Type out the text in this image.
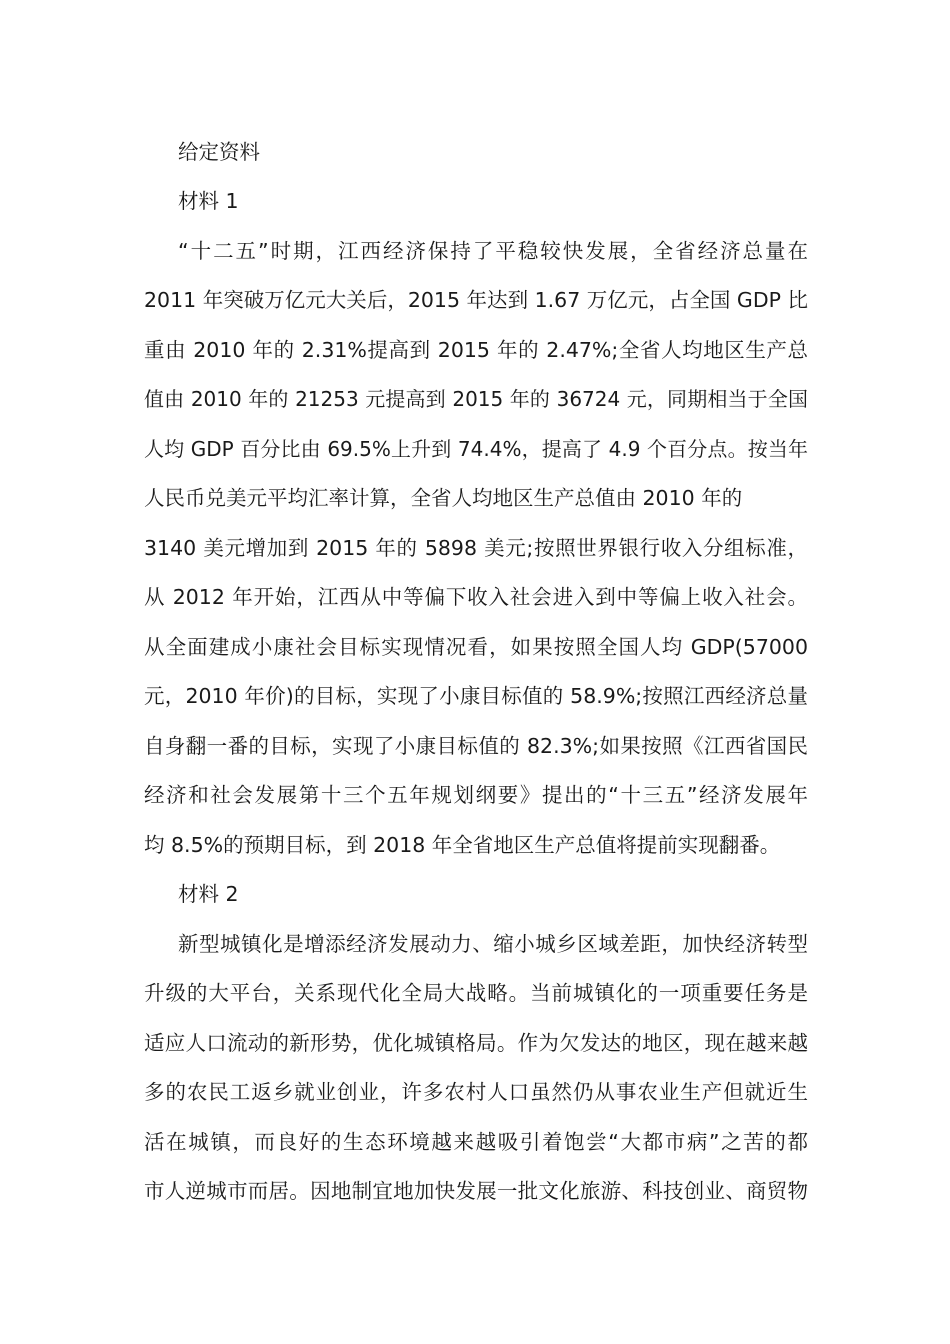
给定资料
材料 1
“十二五”时期，江西经济保持了平稳较快发展，全省经济总量在
2011 年突破万亿元大关后，2015 年达到 1.67 万亿元，占全国 GDP 比
重由 2010 年的 2.31%提高到 2015 年的 2.47%;全省人均地区生产总
值由 2010 年的 21253 元提高到 2015 年的 36724 元，同期相当于全国
人均 GDP 百分比由 69.5%上升到 74.4%，提高了 4.9 个百分点。按当年
人民币兑美元平均汇率计算，全省人均地区生产总值由 2010 年的
3140 美元增加到 2015 年的 5898 美元;按照世界银行收入分组标准，
从 2012 年开始，江西从中等偏下收入社会进入到中等偏上收入社会。
从全面建成小康社会目标实现情况看，如果按照全国人均 GDP(57000
元，2010 年价)的目标，实现了小康目标值的 58.9%;按照江西经济总量
自身翻一番的目标，实现了小康目标值的 82.3%;如果按照《江西省国民
经济和社会发展第十三个五年规划纲要》提出的“十三五”经济发展年
均 8.5%的预期目标，到 2018 年全省地区生产总值将提前实现翻番。
材料 2
新型城镇化是增添经济发展动力、缩小城乡区域差距，加快经济转型
升级的大平台，关系现代化全局大战略。当前城镇化的一项重要任务是
适应人口流动的新形势，优化城镇格局。作为欠发达的地区，现在越来越
多的农民工返乡就业创业，许多农村人口虽然仍从事农业生产但就近生
活在城镇，而良好的生态环境越来越吸引着饱尝“大都市病”之苦的都
市人逆城市而居。因地制宜地加快发展一批文化旅游、科技创业、商贸物
